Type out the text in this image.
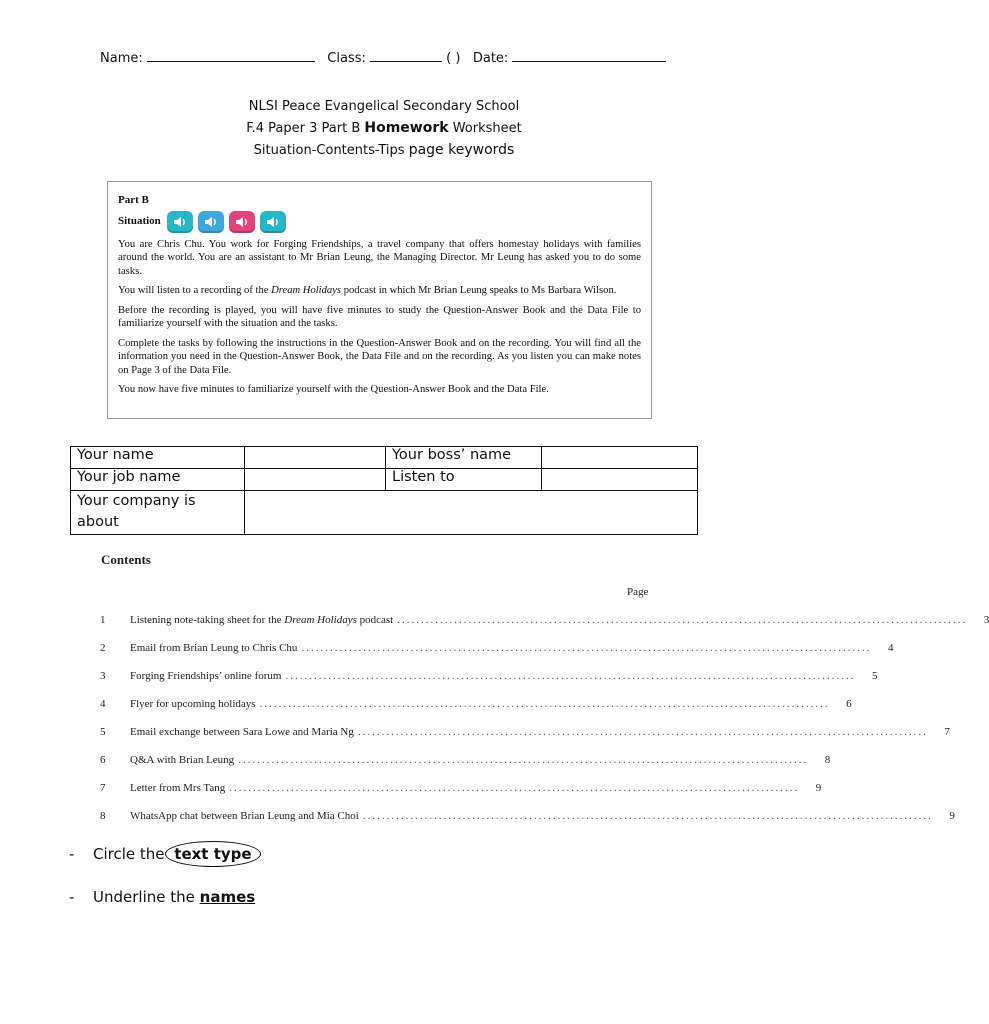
Name:	Class:	( ) Date:
NLSI Peace Evangelical Secondary School
F.4 Paper 3 Part B Homework Worksheet
Situation-Contents-Tips page keywords
Part B
Situation

You are Chris Chu. You work for Forging Friendships, a travel company that offers homestay holidays with families around the world. You are an assistant to Mr Brian Leung, the Managing Director. Mr Leung has asked you to do some tasks.

You will listen to a recording of the Dream Holidays podcast in which Mr Brian Leung speaks to Ms Barbara Wilson.

Before the recording is played, you will have five minutes to study the Question-Answer Book and the Data File to familiarize yourself with the situation and the tasks.

Complete the tasks by following the instructions in the Question-Answer Book and on the recording. You will find all the information you need in the Question-Answer Book, the Data File and on the recording. As you listen you can make notes on Page 3 of the Data File.

You now have five minutes to familiarize yourself with the Question-Answer Book and the Data File.

Your name		Your boss’ name	
Your job name		Listen to	
Your company is
about			
Contents
Page
1	Listening note-taking sheet for the Dream Holidays podcast ........................................................................................................................	3
2	Email from Brian Leung to Chris Chu ........................................................................................................................	4
3	Forging Friendships’ online forum ........................................................................................................................	5
4	Flyer for upcoming holidays ........................................................................................................................	6
5	Email exchange between Sara Lowe and Maria Ng ........................................................................................................................	7
6	Q&A with Brian Leung ........................................................................................................................	8
7	Letter from Mrs Tang ........................................................................................................................	9
8	WhatsApp chat between Brian Leung and Mia Choi ........................................................................................................................	9
- Circle the text type
- Underline the names
